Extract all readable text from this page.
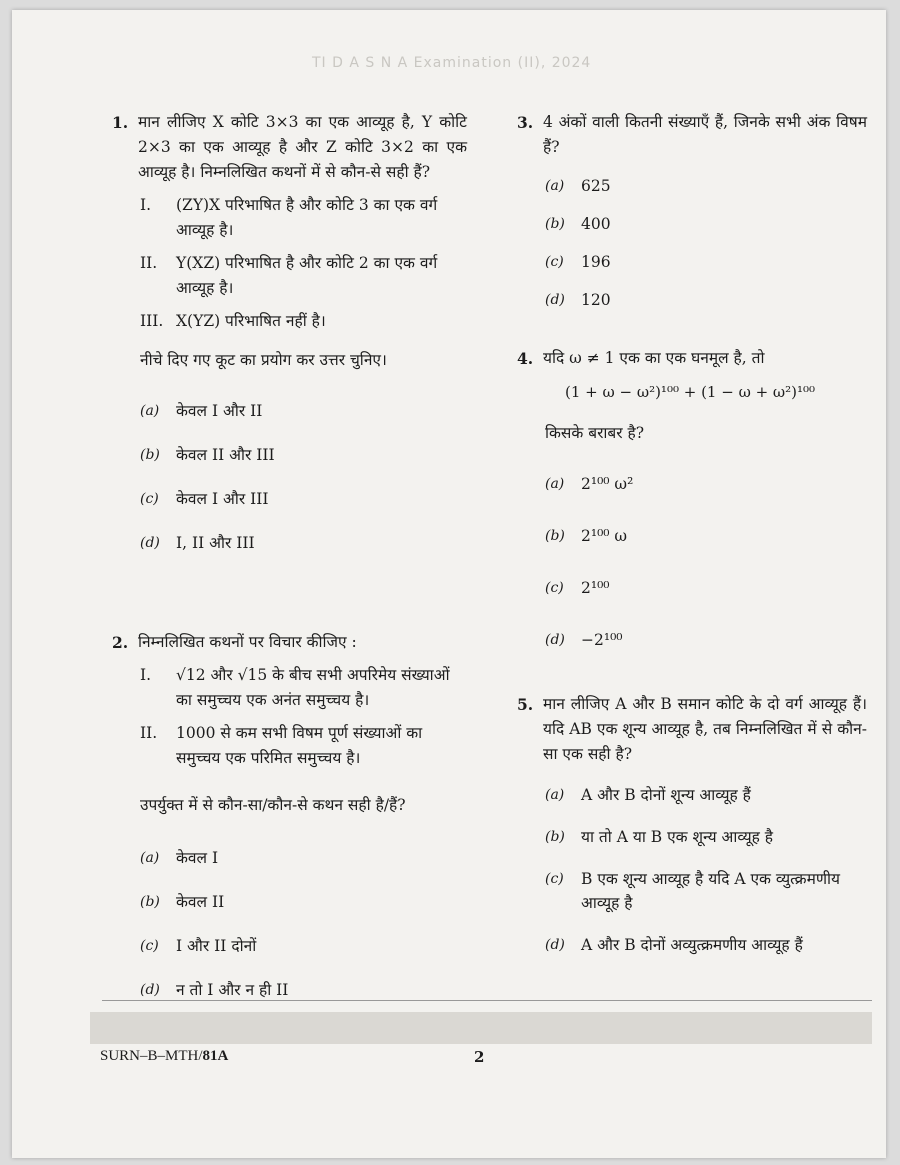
TI D A S N A Examination (II), 2024
1. मान लीजिए X कोटि 3×3 का एक आव्यूह है, Y कोटि 2×3 का एक आव्यूह है और Z कोटि 3×2 का एक आव्यूह है। निम्नलिखित कथनों में से कौन-से सही हैं?
I.	(ZY)X परिभाषित है और कोटि 3 का एक वर्ग आव्यूह है।
II.	Y(XZ) परिभाषित है और कोटि 2 का एक वर्ग आव्यूह है।
III. X(YZ) परिभाषित नहीं है।
नीचे दिए गए कूट का प्रयोग कर उत्तर चुनिए।
(a)	केवल I और II
(b)	केवल II और III
(c)	केवल I और III
(d)	I, II और III
2. निम्नलिखित कथनों पर विचार कीजिए :
I.	√12 और √15 के बीच सभी अपरिमेय संख्याओं का समुच्चय एक अनंत समुच्चय है।
II.	1000 से कम सभी विषम पूर्ण संख्याओं का समुच्चय एक परिमित समुच्चय है।
उपर्युक्त में से कौन-सा/कौन-से कथन सही है/हैं?
(a)	केवल I
(b)	केवल II
(c)	I और II दोनों
(d)	न तो I और न ही II
3. 4 अंकों वाली कितनी संख्याएँ हैं, जिनके सभी अंक विषम हैं?
(a)	625
(b)	400
(c)	196
(d)	120
4. यदि ω ≠ 1 एक का एक घनमूल है, तो
(1 + ω − ω²)¹⁰⁰ + (1 − ω + ω²)¹⁰⁰
किसके बराबर है?
(a)	2¹⁰⁰ ω²
(b)	2¹⁰⁰ ω
(c)	2¹⁰⁰
(d)	−2¹⁰⁰
5. मान लीजिए A और B समान कोटि के दो वर्ग आव्यूह हैं। यदि AB एक शून्य आव्यूह है, तब निम्नलिखित में से कौन-सा एक सही है?
(a)	A और B दोनों शून्य आव्यूह हैं
(b)	या तो A या B एक शून्य आव्यूह है
(c)	B एक शून्य आव्यूह है यदि A एक व्युत्क्रमणीय आव्यूह है
(d)	A और B दोनों अव्युत्क्रमणीय आव्यूह हैं
SURN–B–MTH/81A	2
